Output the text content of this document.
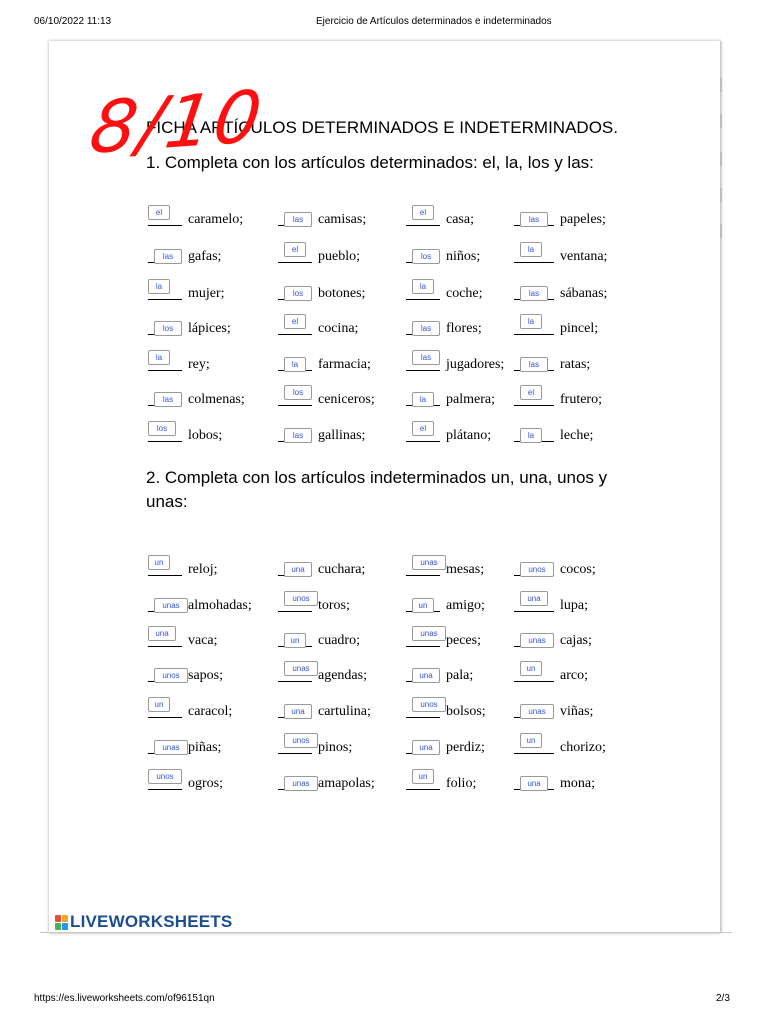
06/10/2022 11:13	Ejercicio de Artículos determinados e indeterminados
https://es.liveworksheets.com/of96151qn	2/3
FICHA ARTÍCULOS DETERMINADOS E INDETERMINADOS.
1. Completa con los artículos determinados: el, la, los y las:
el	caramelo;	las	camisas;	el	casa;	las	papeles;
las	gafas;	el	pueblo;	los	niños;	la	ventana;
la	mujer;	los	botones;	la	coche;	las	sábanas;
los	lápices;	el	cocina;	las	flores;	la	pincel;
la	rey;	la	farmacia;	las	jugadores;	las	ratas;
las	colmenas;	los	ceniceros;	la	palmera;	el	frutero;
los	lobos;	las	gallinas;	el	plátano;	la	leche;
2. Completa con los artículos indeterminados un, una, unos y unas:
un	reloj;	una cuchara;	unas mesas;	unos	cocos;
unas almohadas;	unos toros;	un	amigo;	una	lupa;
una	vaca;	un	cuadro;	unas peces;	unas	cajas;
unos sapos;	unas agendas;	una pala;	un	arco;
un	caracol;	una cartulina;	unos bolsos;	unas	viñas;
unas piñas;	unos pinos;	una perdiz;	un	chorizo;
unos	ogros;	unas amapolas;	un	folio;	una	mona;
8/10
LIVEWORKSHEETS
